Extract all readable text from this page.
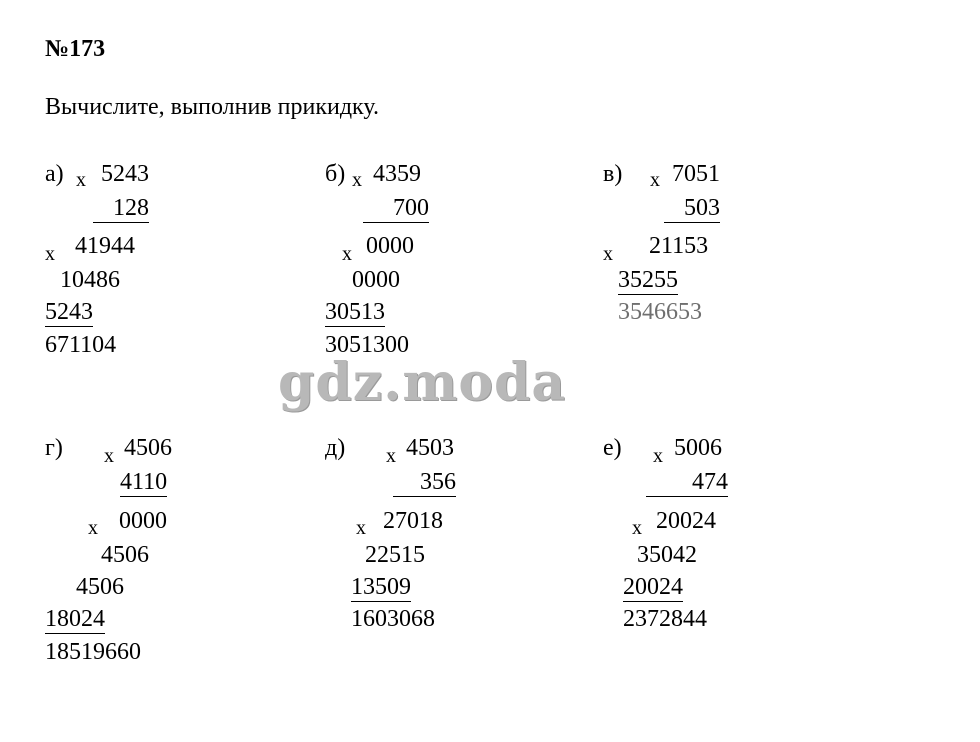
№173
Вычислите, выполнив прикидку.
а) x 5243
128
x 41944
10486
5243
671104
б) x 4359
700
x 0000
0000
30513
3051300
в) x 7051
503
x 21153
35255
3546653
gdz.moda
г) x 4506
4110
x 0000
4506
4506
18024
18519660
д) x 4503
356
x 27018
22515
13509
1603068
е) x 5006
474
x 20024
35042
20024
2372844
